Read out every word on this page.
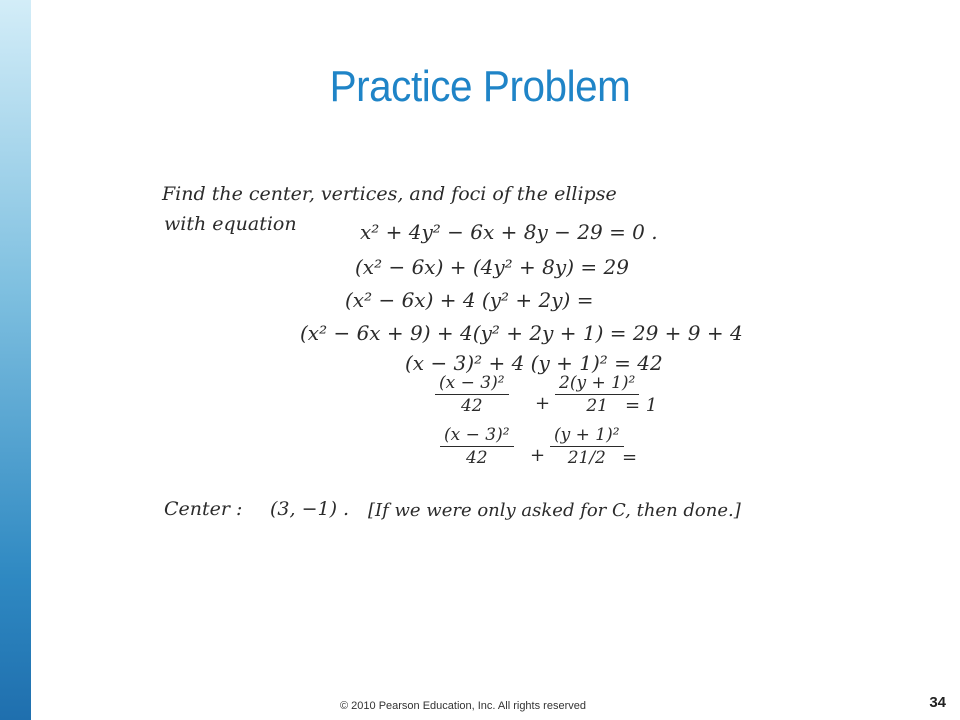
Practice Problem
Find the center, vertices, and foci of the ellipse
with equation	x² + 4y² − 6x + 8y − 29 = 0 .
(x² − 6x) + (4y² + 8y) = 29
(x² − 6x) + 4 (y² + 2y) =
(x² − 6x + 9) + 4(y² + 2y + 1) = 29 + 9 + 4
(x − 3)² + 4 (y + 1)² = 42
(x − 3)²
42	+
2(y + 1)²
21 = 1
(x − 3)²
42	+
(y + 1)²
21/2 =
Center : (3, −1) . [If we were only asked for C, then done.]
© 2010 Pearson Education, Inc. All rights reserved	34
